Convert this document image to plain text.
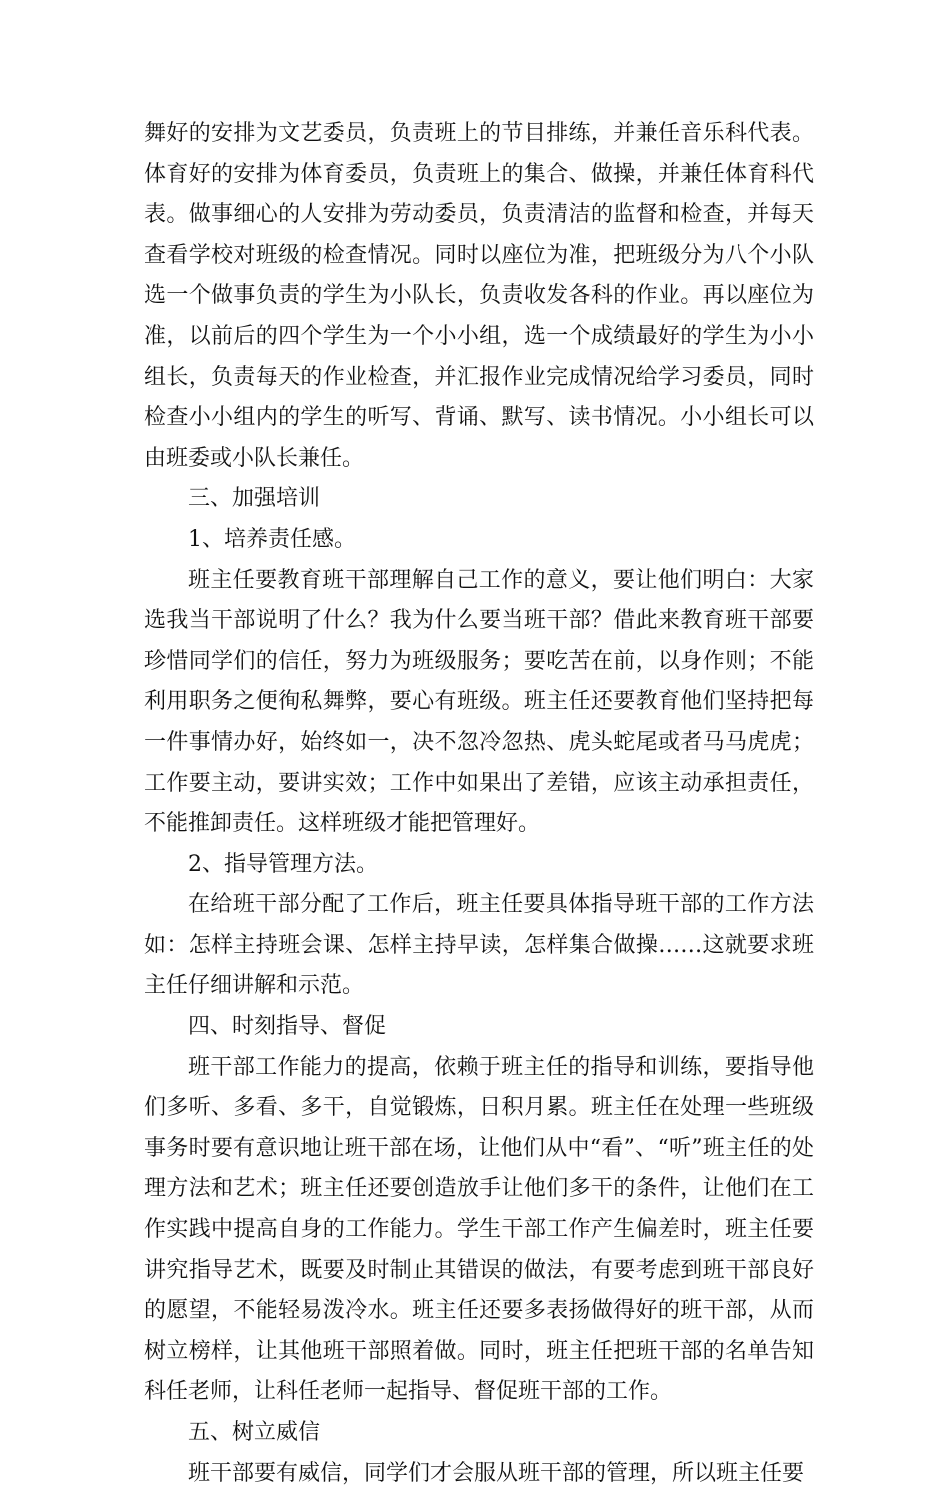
舞好的安排为文艺委员，负责班上的节目排练，并兼任音乐科代表。体育好的安排为体育委员，负责班上的集合、做操，并兼任体育科代表。做事细心的人安排为劳动委员，负责清洁的监督和检查，并每天查看学校对班级的检查情况。同时以座位为准，把班级分为八个小队选一个做事负责的学生为小队长，负责收发各科的作业。再以座位为准，以前后的四个学生为一个小小组，选一个成绩最好的学生为小小组长，负责每天的作业检查，并汇报作业完成情况给学习委员，同时检查小小组内的学生的听写、背诵、默写、读书情况。小小组长可以由班委或小队长兼任。

三、加强培训

1、培养责任感。

班主任要教育班干部理解自己工作的意义，要让他们明白：大家选我当干部说明了什么？我为什么要当班干部？借此来教育班干部要珍惜同学们的信任，努力为班级服务；要吃苦在前，以身作则；不能利用职务之便徇私舞弊，要心有班级。班主任还要教育他们坚持把每一件事情办好，始终如一，决不忽冷忽热、虎头蛇尾或者马马虎虎；工作要主动，要讲实效；工作中如果出了差错，应该主动承担责任，不能推卸责任。这样班级才能把管理好。

2、指导管理方法。

在给班干部分配了工作后，班主任要具体指导班干部的工作方法如：怎样主持班会课、怎样主持早读，怎样集合做操……这就要求班主任仔细讲解和示范。

四、时刻指导、督促

班干部工作能力的提高，依赖于班主任的指导和训练，要指导他们多听、多看、多干，自觉锻炼，日积月累。班主任在处理一些班级事务时要有意识地让班干部在场，让他们从中“看”、“听”班主任的处理方法和艺术；班主任还要创造放手让他们多干的条件，让他们在工作实践中提高自身的工作能力。学生干部工作产生偏差时，班主任要讲究指导艺术，既要及时制止其错误的做法，有要考虑到班干部良好的愿望，不能轻易泼冷水。班主任还要多表扬做得好的班干部，从而树立榜样，让其他班干部照着做。同时，班主任把班干部的名单告知科任老师，让科任老师一起指导、督促班干部的工作。

五、树立威信

班干部要有威信，同学们才会服从班干部的管理，所以班主任要
